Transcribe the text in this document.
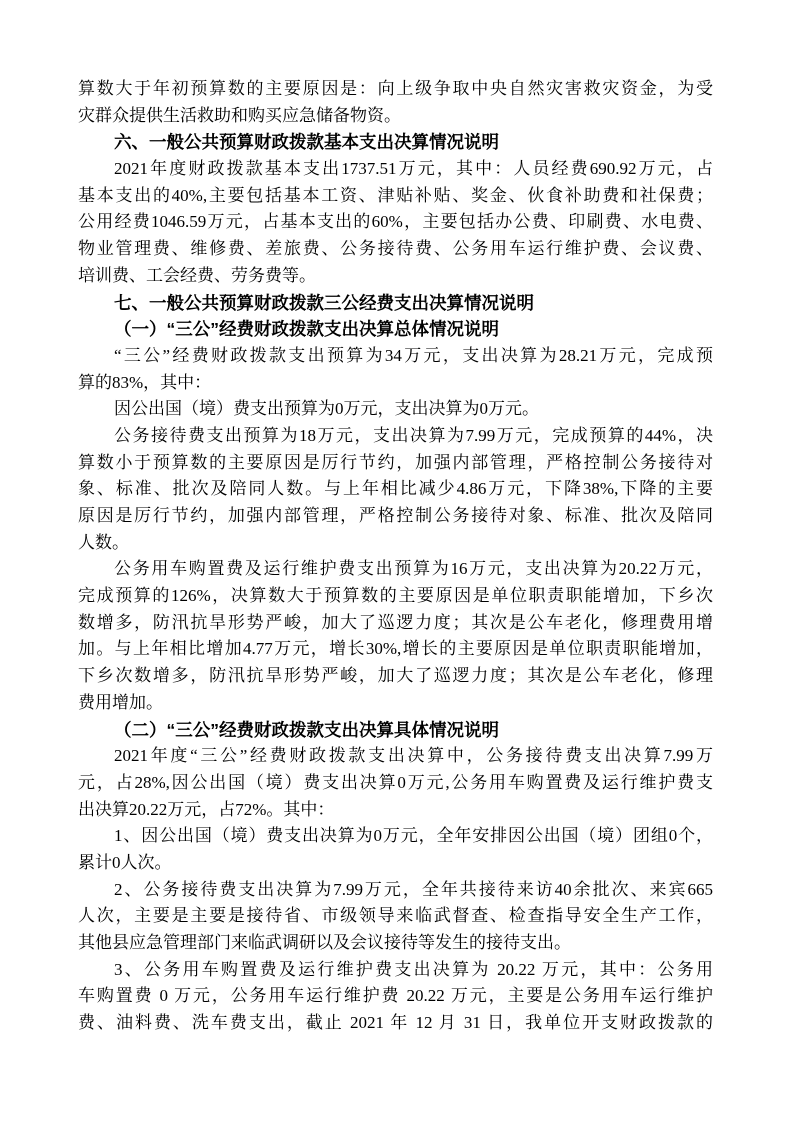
算数大于年初预算数的主要原因是：向上级争取中央自然灾害救灾资金，为受
灾群众提供生活救助和购买应急储备物资。
六、一般公共预算财政拨款基本支出决算情况说明
2021年度财政拨款基本支出1737.51万元，其中：人员经费690.92万元，占
基本支出的40%,主要包括基本工资、津贴补贴、奖金、伙食补助费和社保费；
公用经费1046.59万元，占基本支出的60%，主要包括办公费、印刷费、水电费、
物业管理费、维修费、差旅费、公务接待费、公务用车运行维护费、会议费、
培训费、工会经费、劳务费等。
七、一般公共预算财政拨款三公经费支出决算情况说明
（一）“三公”经费财政拨款支出决算总体情况说明
“三公”经费财政拨款支出预算为34万元，支出决算为28.21万元，完成预
算的83%，其中：
因公出国（境）费支出预算为0万元，支出决算为0万元。
公务接待费支出预算为18万元，支出决算为7.99万元，完成预算的44%，决
算数小于预算数的主要原因是厉行节约，加强内部管理，严格控制公务接待对
象、标准、批次及陪同人数。与上年相比减少4.86万元，下降38%,下降的主要
原因是厉行节约，加强内部管理，严格控制公务接待对象、标准、批次及陪同
人数。
公务用车购置费及运行维护费支出预算为16万元，支出决算为20.22万元，
完成预算的126%，决算数大于预算数的主要原因是单位职责职能增加，下乡次
数增多，防汛抗旱形势严峻，加大了巡逻力度；其次是公车老化，修理费用增
加。与上年相比增加4.77万元，增长30%,增长的主要原因是单位职责职能增加，
下乡次数增多，防汛抗旱形势严峻，加大了巡逻力度；其次是公车老化，修理
费用增加。
（二）“三公”经费财政拨款支出决算具体情况说明
2021年度“三公”经费财政拨款支出决算中，公务接待费支出决算7.99万
元，占28%,因公出国（境）费支出决算0万元,公务用车购置费及运行维护费支
出决算20.22万元，占72%。其中：
1、因公出国（境）费支出决算为0万元，全年安排因公出国（境）团组0个，
累计0人次。
2、公务接待费支出决算为7.99万元，全年共接待来访40余批次、来宾665
人次，主要是主要是接待省、市级领导来临武督查、检查指导安全生产工作，
其他县应急管理部门来临武调研以及会议接待等发生的接待支出。
3、公务用车购置费及运行维护费支出决算为 20.22 万元，其中：公务用
车购置费 0 万元，公务用车运行维护费 20.22 万元，主要是公务用车运行维护
费、油料费、洗车费支出，截止 2021 年 12 月 31 日，我单位开支财政拨款的
